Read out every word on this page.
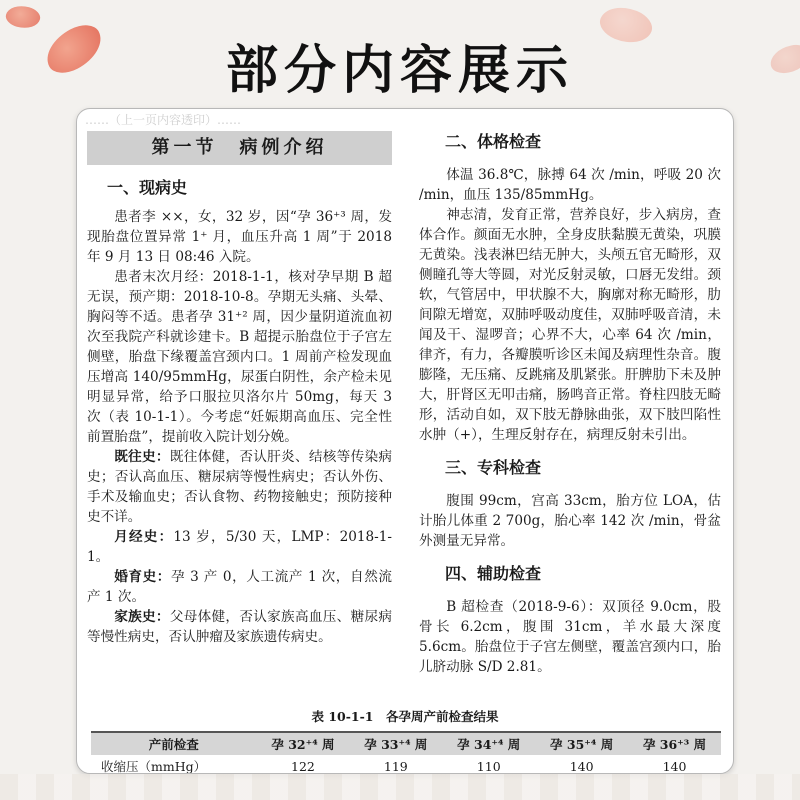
部分内容展示
……（上一页内容透印）……
第一节　病例介绍
一、现病史

患者李 ××，女，32 岁，因“孕 36⁺³ 周，发现胎盘位置异常 1⁺ 月，血压升高 1 周”于 2018 年 9 月 13 日 08:46 入院。

患者末次月经：2018-1-1，核对孕早期 B 超无误，预产期：2018-10-8。孕期无头痛、头晕、胸闷等不适。患者孕 31⁺² 周，因少量阴道流血初次至我院产科就诊建卡。B 超提示胎盘位于子宫左侧壁，胎盘下缘覆盖宫颈内口。1 周前产检发现血压增高 140/95mmHg，尿蛋白阴性，余产检未见明显异常，给予口服拉贝洛尔片 50mg，每天 3 次（表 10-1-1）。今考虑“妊娠期高血压、完全性前置胎盘”，提前收入院计划分娩。

既往史：既往体健，否认肝炎、结核等传染病史；否认高血压、糖尿病等慢性病史；否认外伤、手术及输血史；否认食物、药物接触史；预防接种史不详。

月经史：13 岁，5/30 天，LMP：2018-1-1。

婚育史：孕 3 产 0，人工流产 1 次，自然流产 1 次。

家族史：父母体健，否认家族高血压、糖尿病等慢性病史，否认肿瘤及家族遗传病史。

二、体格检查

体温 36.8℃，脉搏 64 次 /min，呼吸 20 次 /min，血压 135/85mmHg。

神志清，发育正常，营养良好，步入病房，查体合作。颜面无水肿，全身皮肤黏膜无黄染，巩膜无黄染。浅表淋巴结无肿大，头颅五官无畸形，双侧瞳孔等大等圆，对光反射灵敏，口唇无发绀。颈软，气管居中，甲状腺不大，胸廓对称无畸形，肋间隙无增宽，双肺呼吸动度佳，双肺呼吸音清，未闻及干、湿啰音；心界不大，心率 64 次 /min，律齐，有力，各瓣膜听诊区未闻及病理性杂音。腹膨隆，无压痛、反跳痛及肌紧张。肝脾肋下未及肿大，肝肾区无叩击痛，肠鸣音正常。脊柱四肢无畸形，活动自如，双下肢无静脉曲张，双下肢凹陷性水肿（+），生理反射存在，病理反射未引出。

三、专科检查

腹围 99cm，宫高 33cm，胎方位 LOA，估计胎儿体重 2 700g，胎心率 142 次 /min，骨盆外测量无异常。

四、辅助检查

B 超检查（2018-9-6）：双顶径 9.0cm，股骨长 6.2cm，腹围 31cm，羊水最大深度 5.6cm。胎盘位于子宫左侧壁，覆盖宫颈内口，胎儿脐动脉 S/D 2.81。

表 10-1-1　各孕周产前检查结果
产前检查	孕 32⁺⁴ 周	孕 33⁺⁴ 周	孕 34⁺⁴ 周	孕 35⁺⁴ 周	孕 36⁺³ 周
收缩压（mmHg）	122	119	110	140	140
